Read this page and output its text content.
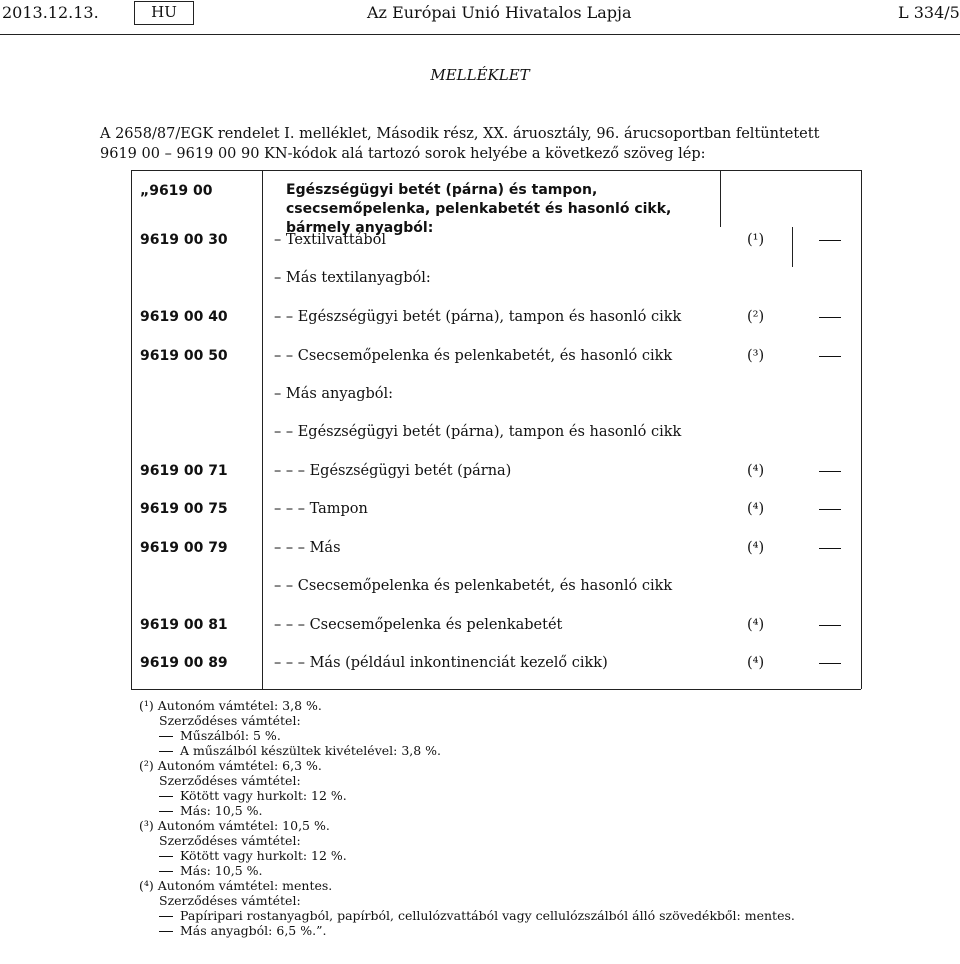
2013.12.13.	HU	Az Európai Unió Hivatalos Lapja	L 334/5
MELLÉKLET
A 2658/87/EGK rendelet I. melléklet, Második rész, XX. áruosztály, 96. árucsoportban feltüntetett 9619 00 – 9619 00 90 KN-kódok alá tartozó sorok helyébe a következő szöveg lép:
„9619 00	Egészségügyi betét (párna) és tampon, csecsemőpelenka, pelenkabetét és hasonló cikk, bármely anyagból:
9619 00 30	– Textilvattából	(¹)
– Más textilanyagból:
9619 00 40	– – Egészségügyi betét (párna), tampon és hasonló cikk	(²)
9619 00 50	– – Csecsemőpelenka és pelenkabetét, és hasonló cikk	(³)
– Más anyagból:
– – Egészségügyi betét (párna), tampon és hasonló cikk
9619 00 71	– – – Egészségügyi betét (párna)	(⁴)
9619 00 75	– – – Tampon	(⁴)
9619 00 79	– – – Más	(⁴)
– – Csecsemőpelenka és pelenkabetét, és hasonló cikk
9619 00 81	– – – Csecsemőpelenka és pelenkabetét	(⁴)
9619 00 89	– – – Más (például inkontinenciát kezelő cikk)	(⁴)
(¹) Autonóm vámtétel: 3,8 %.
Szerződéses vámtétel:
Műszálból: 5 %.
A műszálból készültek kivételével: 3,8 %.
(²) Autonóm vámtétel: 6,3 %.
Szerződéses vámtétel:
Kötött vagy hurkolt: 12 %.
Más: 10,5 %.
(³) Autonóm vámtétel: 10,5 %.
Szerződéses vámtétel:
Kötött vagy hurkolt: 12 %.
Más: 10,5 %.
(⁴) Autonóm vámtétel: mentes.
Szerződéses vámtétel:
Papíripari rostanyagból, papírból, cellulózvattából vagy cellulózszálból álló szövedékből: mentes.
Más anyagból: 6,5 %.”.
